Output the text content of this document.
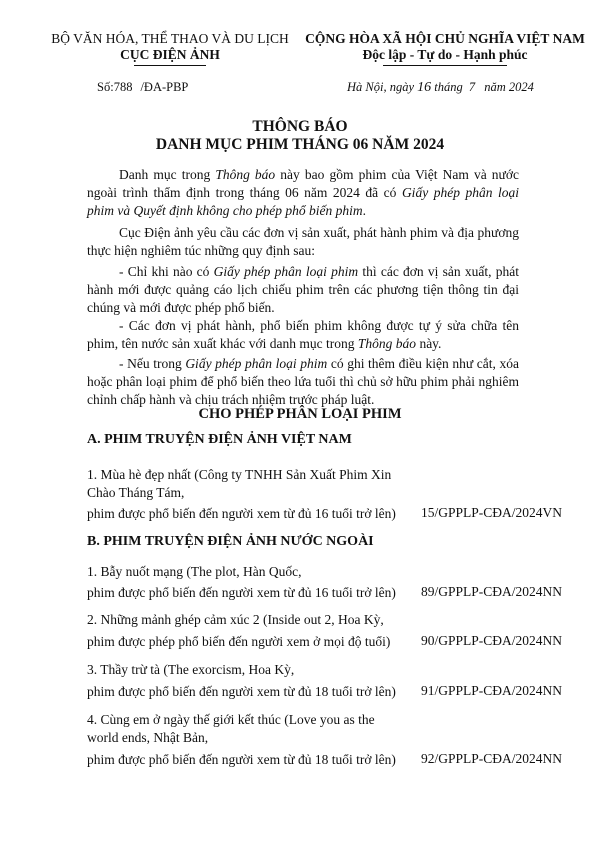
BỘ VĂN HÓA, THỂ THAO VÀ DU LỊCH
CỤC ĐIỆN ẢNH
CỘNG HÒA XÃ HỘI CHỦ NGHĨA VIỆT NAM
Độc lập - Tự do - Hạnh phúc
Số:788 /ĐA-PBP	Hà Nội, ngày 16 tháng 7 năm 2024
THÔNG BÁO
DANH MỤC PHIM THÁNG 06 NĂM 2024

Danh mục trong Thông báo này bao gồm phim của Việt Nam và nước ngoài trình thẩm định trong tháng 06 năm 2024 đã có Giấy phép phân loại phim và Quyết định không cho phép phổ biến phim.

Cục Điện ảnh yêu cầu các đơn vị sản xuất, phát hành phim và địa phương thực hiện nghiêm túc những quy định sau:

- Chỉ khi nào có Giấy phép phân loại phim thì các đơn vị sản xuất, phát hành mới được quảng cáo lịch chiếu phim trên các phương tiện thông tin đại chúng và mới được phép phổ biến.

- Các đơn vị phát hành, phổ biến phim không được tự ý sửa chữa tên phim, tên nước sản xuất khác với danh mục trong Thông báo này.

- Nếu trong Giấy phép phân loại phim có ghi thêm điều kiện như cắt, xóa hoặc phân loại phim để phổ biến theo lứa tuổi thì chủ sở hữu phim phải nghiêm chỉnh chấp hành và chịu trách nhiệm trước pháp luật.

CHO PHÉP PHÂN LOẠI PHIM
A. PHIM TRUYỆN ĐIỆN ẢNH VIỆT NAM
1. Mùa hè đẹp nhất (Công ty TNHH Sản Xuất Phim Xin
Chào Tháng Tám,
phim được phổ biến đến người xem từ đủ 16 tuổi trở lên) 15/GPPLP-CĐA/2024VN
B. PHIM TRUYỆN ĐIỆN ẢNH NƯỚC NGOÀI
1. Bẫy nuốt mạng (The plot, Hàn Quốc,
phim được phổ biến đến người xem từ đủ 16 tuổi trở lên) 89/GPPLP-CĐA/2024NN
2. Những mảnh ghép cảm xúc 2 (Inside out 2, Hoa Kỳ,
phim được phép phổ biến đến người xem ở mọi độ tuổi) 90/GPPLP-CĐA/2024NN
3. Thầy trừ tà (The exorcism, Hoa Kỳ,
phim được phổ biến đến người xem từ đủ 18 tuổi trở lên) 91/GPPLP-CĐA/2024NN
4. Cùng em ở ngày thế giới kết thúc (Love you as the
world ends, Nhật Bản,
phim được phổ biến đến người xem từ đủ 18 tuổi trở lên) 92/GPPLP-CĐA/2024NN
